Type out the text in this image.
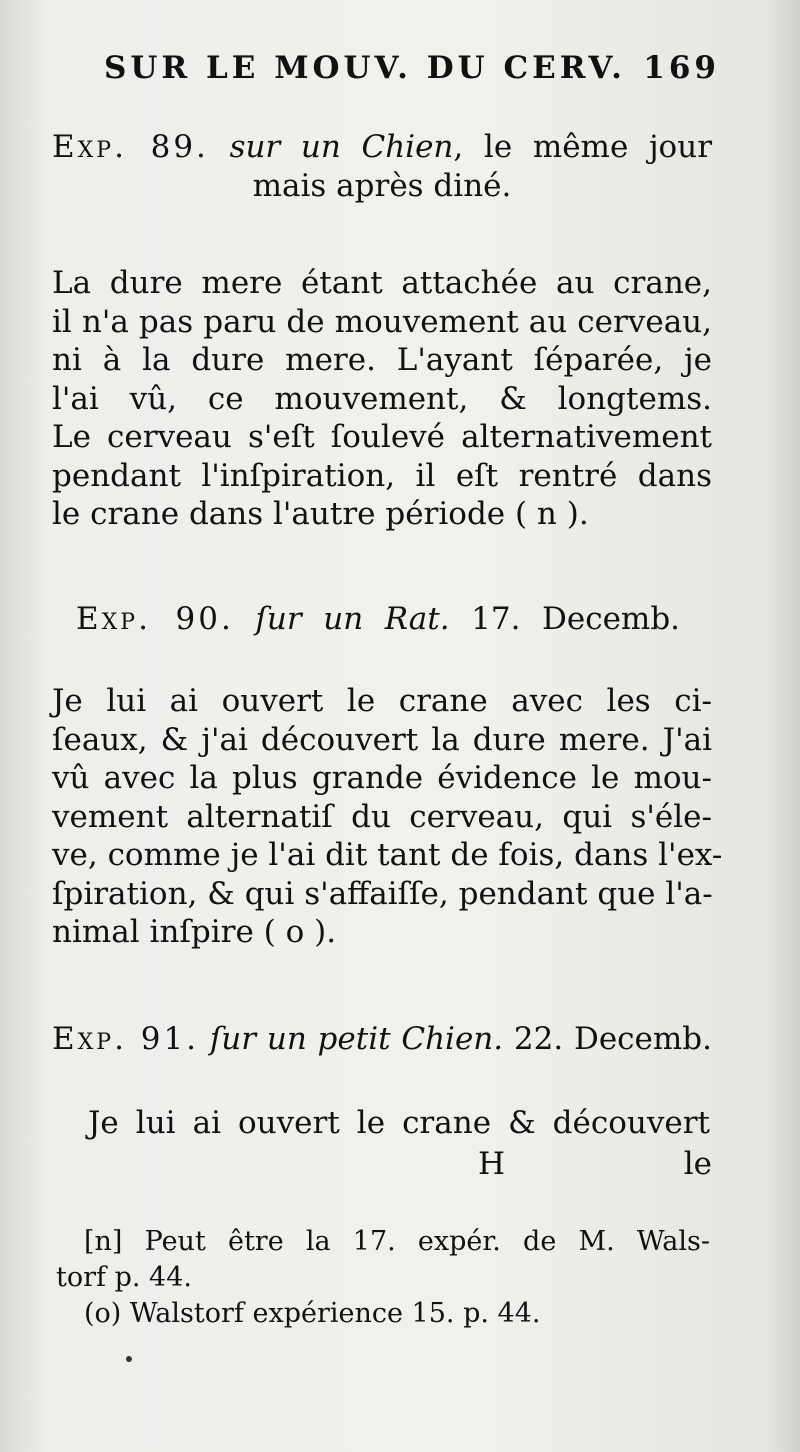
SUR LE MOUV. DU CERV. 169
Exp. 89. sur un Chien, le même jour
mais après diné.
La dure mere étant attachée au crane,
il n'a pas paru de mouvement au cerveau,
ni à la dure mere. L'ayant ſéparée, je
l'ai vû, ce mouvement, & longtems.
Le cerveau s'eſt ſoulevé alternativement
pendant l'inſpiration, il eſt rentré dans
le crane dans l'autre période ( n ).
Exp. 90. ſur un Rat. 17. Decemb.
Je lui ai ouvert le crane avec les ci-
ſeaux, & j'ai découvert la dure mere. J'ai
vû avec la plus grande évidence le mou-
vement alternatiſ du cerveau, qui s'éle-
ve, comme je l'ai dit tant de fois, dans l'ex-
ſpiration, & qui s'affaiſſe, pendant que l'a-
nimal inſpire ( o ).
Exp. 91. ſur un petit Chien. 22. Decemb.
Je lui ai ouvert le crane & découvert
H	le
[n] Peut être la 17. expér. de M. Wals-
torf p. 44.
(o) Walstorf expérience 15. p. 44.
